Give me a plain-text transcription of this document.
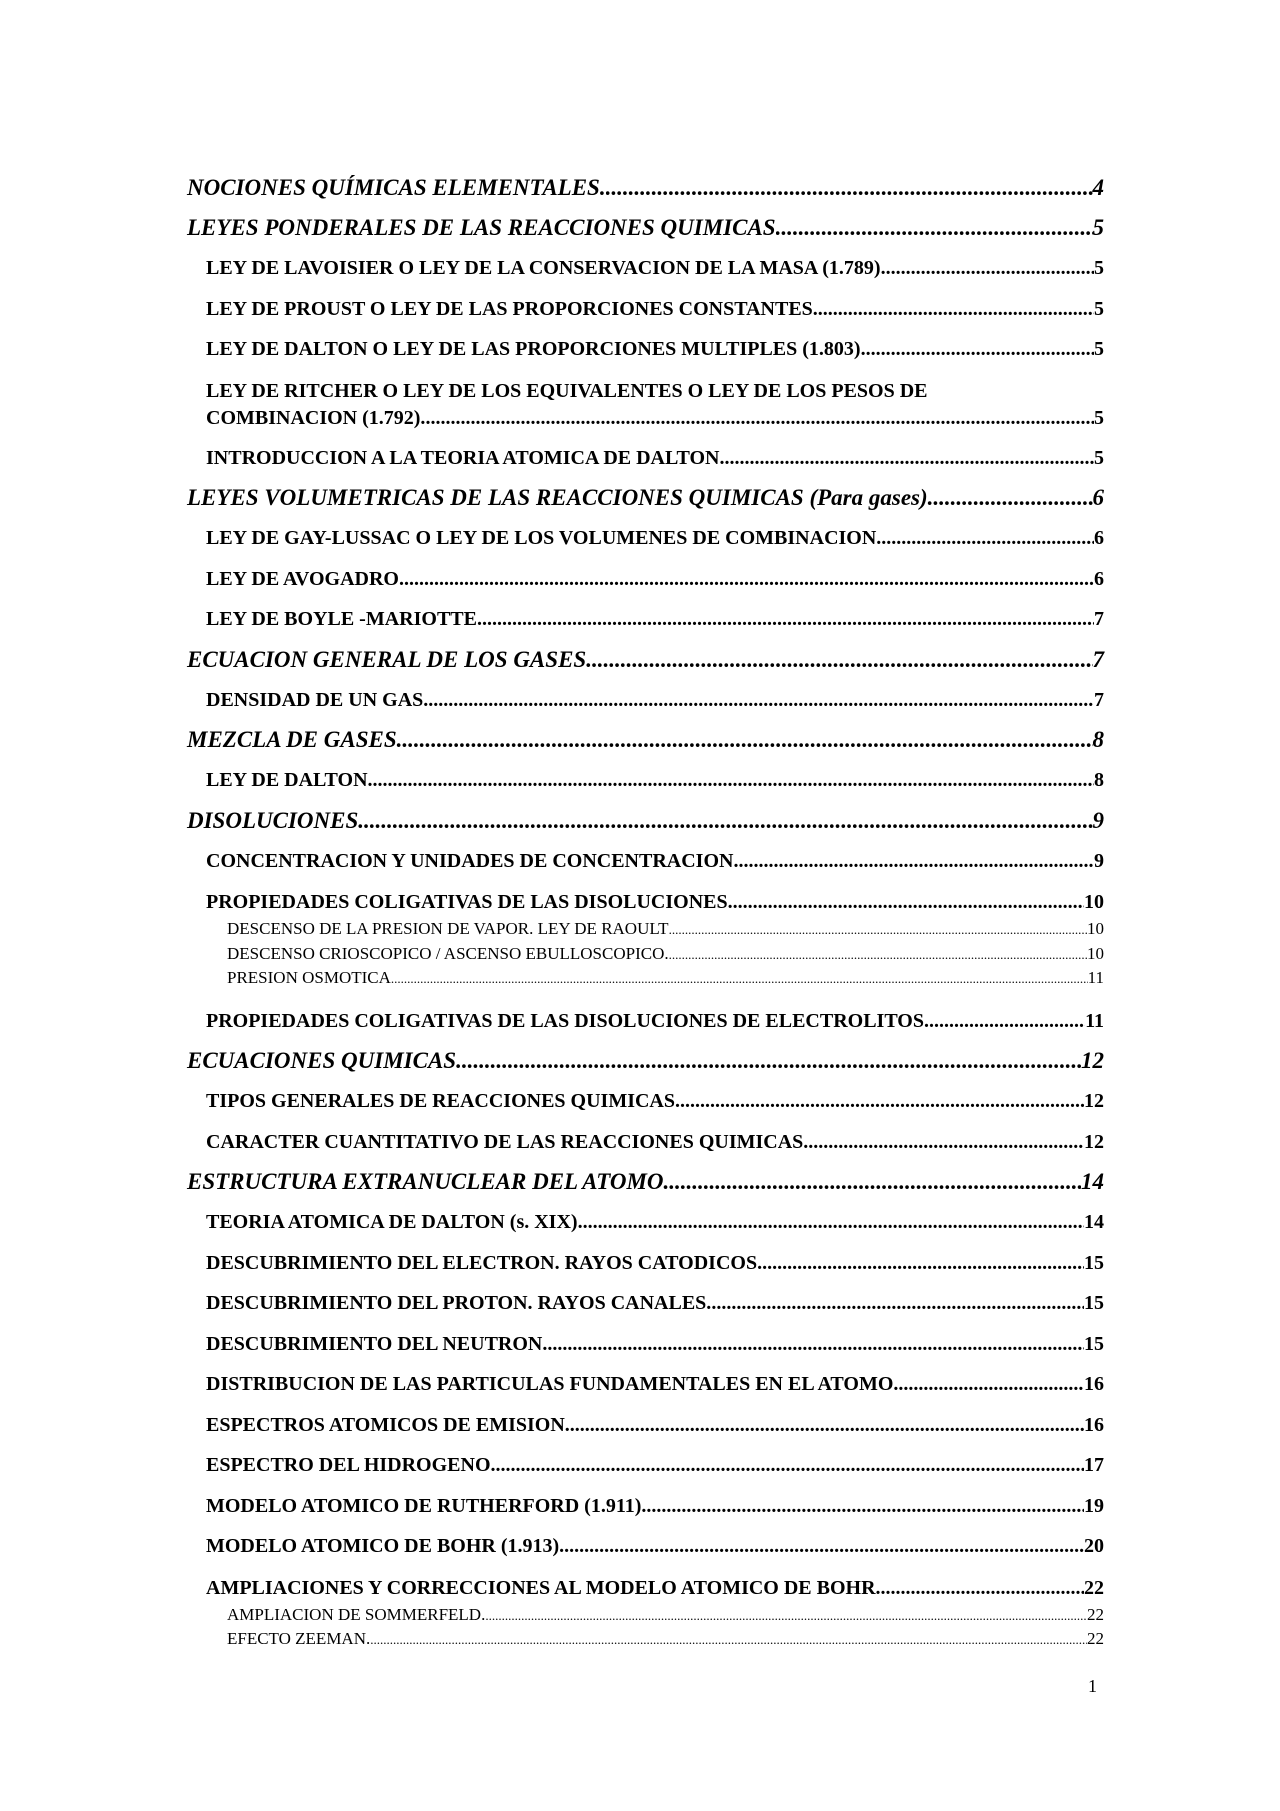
NOCIONES QUÍMICAS ELEMENTALES. .....	4
LEYES PONDERALES DE LAS REACCIONES QUIMICAS .....	5
LEY DE LAVOISIER O LEY DE LA CONSERVACION DE LA MASA (1.789) .....	5
LEY DE PROUST O LEY DE LAS PROPORCIONES CONSTANTES. .....	5
LEY DE DALTON O LEY DE LAS PROPORCIONES MULTIPLES (1.803) .....	5
LEY DE RITCHER O LEY DE LOS EQUIVALENTES O LEY DE LOS PESOS DE
COMBINACION (1.792). .....	5
INTRODUCCION A LA TEORIA ATOMICA DE DALTON. .....	5
LEYES VOLUMETRICAS DE LAS REACCIONES QUIMICAS (Para gases). .....	6
LEY DE GAY-LUSSAC O LEY DE LOS VOLUMENES DE COMBINACION. .....	6
LEY DE AVOGADRO. .....	6
LEY DE BOYLE -MARIOTTE. .....	7
ECUACION GENERAL DE LOS GASES. .....	7
DENSIDAD DE UN GAS. .....	7
MEZCLA DE GASES. .....	8
LEY DE DALTON. .....	8
DISOLUCIONES. .....	9
CONCENTRACION Y UNIDADES DE CONCENTRACION. .....	9
PROPIEDADES COLIGATIVAS DE LAS DISOLUCIONES. .....	10
DESCENSO DE LA PRESION DE VAPOR. LEY DE RAOULT .....	10
DESCENSO CRIOSCOPICO / ASCENSO EBULLOSCOPICO. .....	10
PRESION OSMOTICA .....	11
PROPIEDADES COLIGATIVAS DE LAS DISOLUCIONES DE ELECTROLITOS. .....	11
ECUACIONES QUIMICAS. .....	12
TIPOS GENERALES DE REACCIONES QUIMICAS. .....	12
CARACTER CUANTITATIVO DE LAS REACCIONES QUIMICAS. .....	12
ESTRUCTURA EXTRANUCLEAR DEL ATOMO. .....	14
TEORIA ATOMICA DE DALTON (s. XIX). .....	14
DESCUBRIMIENTO DEL ELECTRON. RAYOS CATODICOS. .....	15
DESCUBRIMIENTO DEL PROTON. RAYOS CANALES. .....	15
DESCUBRIMIENTO DEL NEUTRON. .....	15
DISTRIBUCION DE LAS PARTICULAS FUNDAMENTALES EN EL ATOMO. .....	16
ESPECTROS ATOMICOS DE EMISION. .....	16
ESPECTRO DEL HIDROGENO. .....	17
MODELO ATOMICO DE RUTHERFORD (1.911). .....	19
MODELO ATOMICO DE BOHR (1.913). .....	20
AMPLIACIONES Y CORRECCIONES AL MODELO ATOMICO DE BOHR .....	22
AMPLIACION DE SOMMERFELD. .....	22
EFECTO ZEEMAN. .....	22
1
